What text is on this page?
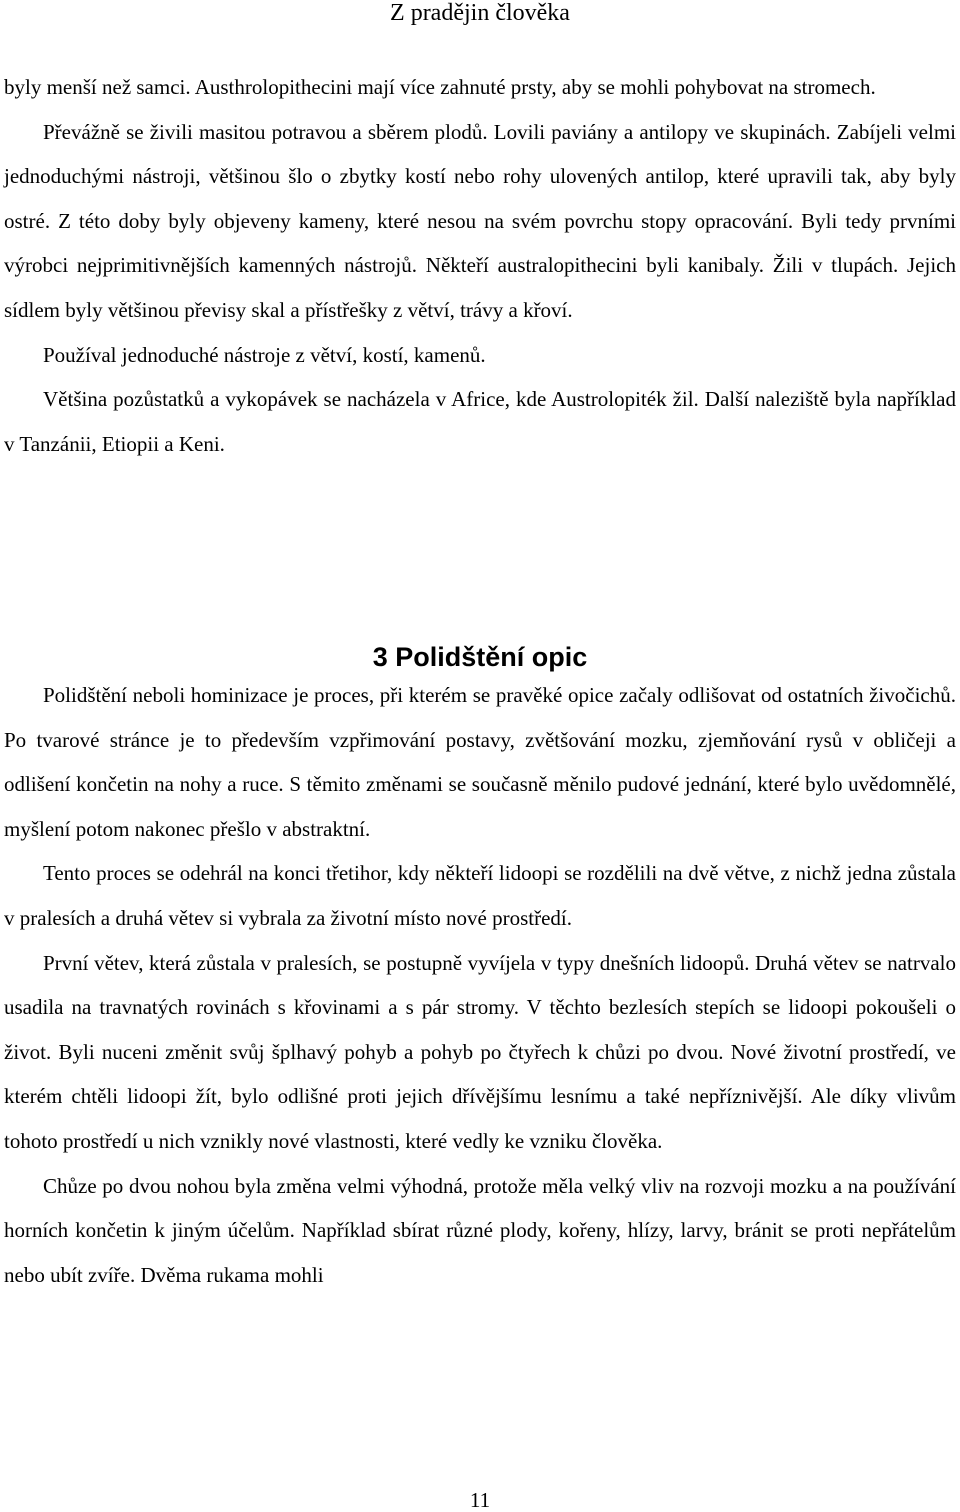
Z pradějin člověka

byly menší než samci. Austhrolopithecini mají více zahnuté prsty, aby se mohli pohybovat na stromech.

Převážně se živili masitou potravou a sběrem plodů. Lovili paviány a antilopy ve skupinách. Zabíjeli velmi jednoduchými nástroji, většinou šlo o zbytky kostí nebo rohy ulovených antilop, které upravili tak, aby byly ostré. Z této doby byly objeveny kameny, které nesou na svém povrchu stopy opracování. Byli tedy prvními výrobci nejprimitivnějších kamenných nástrojů. Někteří australopithecini byli kanibaly. Žili v tlupách. Jejich sídlem byly většinou převisy skal a přístřešky z větví, trávy a křoví.

Používal jednoduché nástroje z větví, kostí, kamenů.

Většina pozůstatků a vykopávek se nacházela v Africe, kde Austrolopiték žil. Další naleziště byla například v Tanzánii, Etiopii a Keni.

3 Polidštění opic

Polidštění neboli hominizace je proces, při kterém se pravěké opice začaly odlišovat od ostatních živočichů. Po tvarové stránce je to především vzpřimování postavy, zvětšování mozku, zjemňování rysů v obličeji a odlišení končetin na nohy a ruce. S těmito změnami se současně měnilo pudové jednání, které bylo uvědomnělé, myšlení potom nakonec přešlo v abstraktní.

Tento proces se odehrál na konci třetihor, kdy někteří lidoopi se rozdělili na dvě větve, z nichž jedna zůstala v pralesích a druhá větev si vybrala za životní místo nové prostředí.

První větev, která zůstala v pralesích, se postupně vyvíjela v typy dnešních lidoopů. Druhá větev se natrvalo usadila na travnatých rovinách s křovinami a s pár stromy. V těchto bezlesích stepích se lidoopi pokoušeli o život. Byli nuceni změnit svůj šplhavý pohyb a pohyb po čtyřech k chůzi po dvou. Nové životní prostředí, ve kterém chtěli lidoopi žít, bylo odlišné proti jejich dřívějšímu lesnímu a také nepříznivější. Ale díky vlivům tohoto prostředí u nich vznikly nové vlastnosti, které vedly ke vzniku člověka.

Chůze po dvou nohou byla změna velmi výhodná, protože měla velký vliv na rozvoji mozku a na používání horních končetin k jiným účelům. Například sbírat různé plody, kořeny, hlízy, larvy, bránit se proti nepřátelům nebo ubít zvíře. Dvěma rukama mohli

11
